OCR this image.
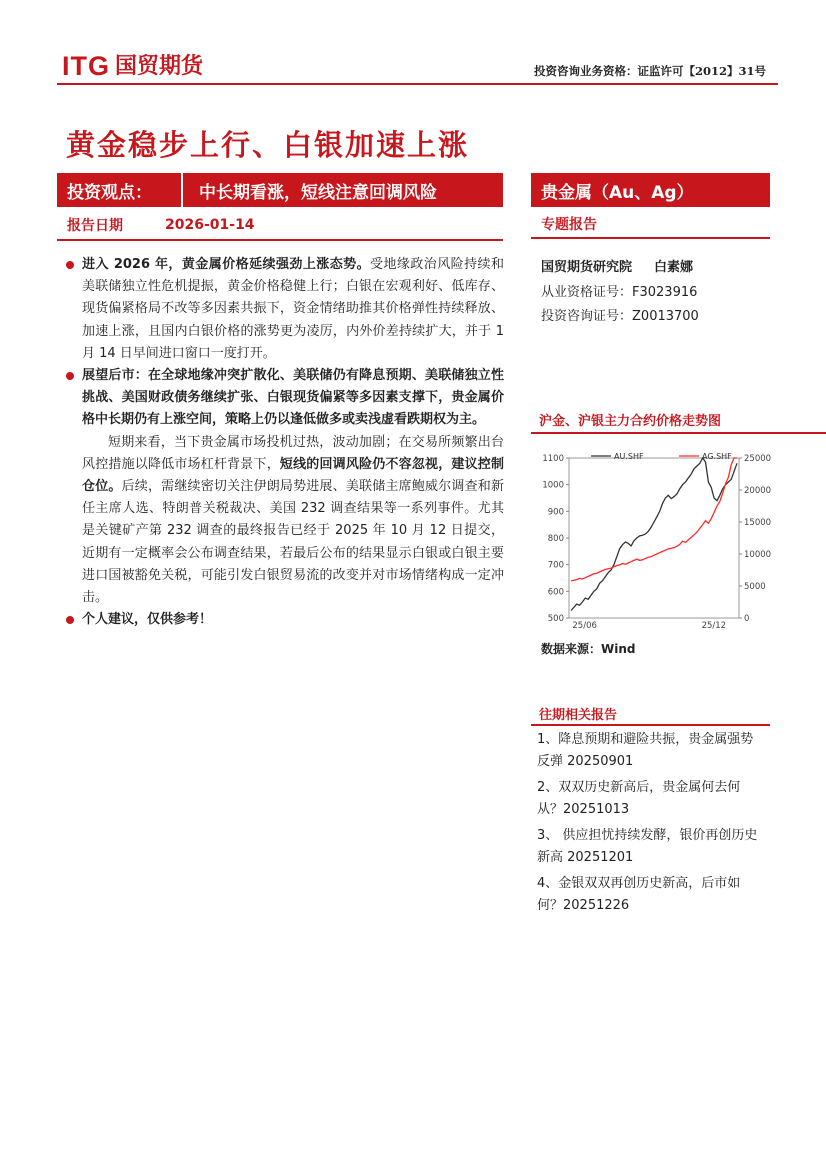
ITG 国贸期货	投资咨询业务资格：证监许可【2012】31号
黄金稳步上行、白银加速上涨
投资观点：	中长期看涨，短线注意回调风险	贵金属（Au、Ag）
报告日期	2026-01-14	专题报告

进入 2026 年，黄金属价格延续强劲上涨态势。受地缘政治风险持续和美联储独立性危机提振，黄金价格稳健上行；白银在宏观利好、低库存、现货偏紧格局不改等多因素共振下，资金情绪助推其价格弹性持续释放、加速上涨，且国内白银价格的涨势更为凌厉，内外价差持续扩大，并于 1 月 14 日早间进口窗口一度打开。

展望后市：在全球地缘冲突扩散化、美联储仍有降息预期、美联储独立性挑战、美国财政债务继续扩张、白银现货偏紧等多因素支撑下，贵金属价格中长期仍有上涨空间，策略上仍以逢低做多或卖浅虚看跌期权为主。

短期来看，当下贵金属市场投机过热，波动加剧；在交易所频繁出台风控措施以降低市场杠杆背景下，短线的回调风险仍不容忽视，建议控制仓位。后续，需继续密切关注伊朗局势进展、美联储主席鲍威尔调查和新任主席人选、特朗普关税裁决、美国 232 调查结果等一系列事件。尤其是关键矿产第 232 调查的最终报告已经于 2025 年 10 月 12 日提交，近期有一定概率会公布调查结果，若最后公布的结果显示白银或白银主要进口国被豁免关税，可能引发白银贸易流的改变并对市场情绪构成一定冲击。

个人建议，仅供参考！

国贸期货研究院 白素娜
从业资格证号：F3023916
投资咨询证号：Z0013700
沪金、沪银主力合约价格走势图
1100
1000
900
800
700
600
500
25000
20000
15000
10000
5000
0
25/06	25/12
AU.SHF	AG.SHF
数据来源：Wind
往期相关报告
1、降息预期和避险共振，贵金属强势反弹 20250901
2、双双历史新高后，贵金属何去何从？20251013
3、 供应担忧持续发酵，银价再创历史新高 20251201
4、金银双双再创历史新高，后市如何？20251226
